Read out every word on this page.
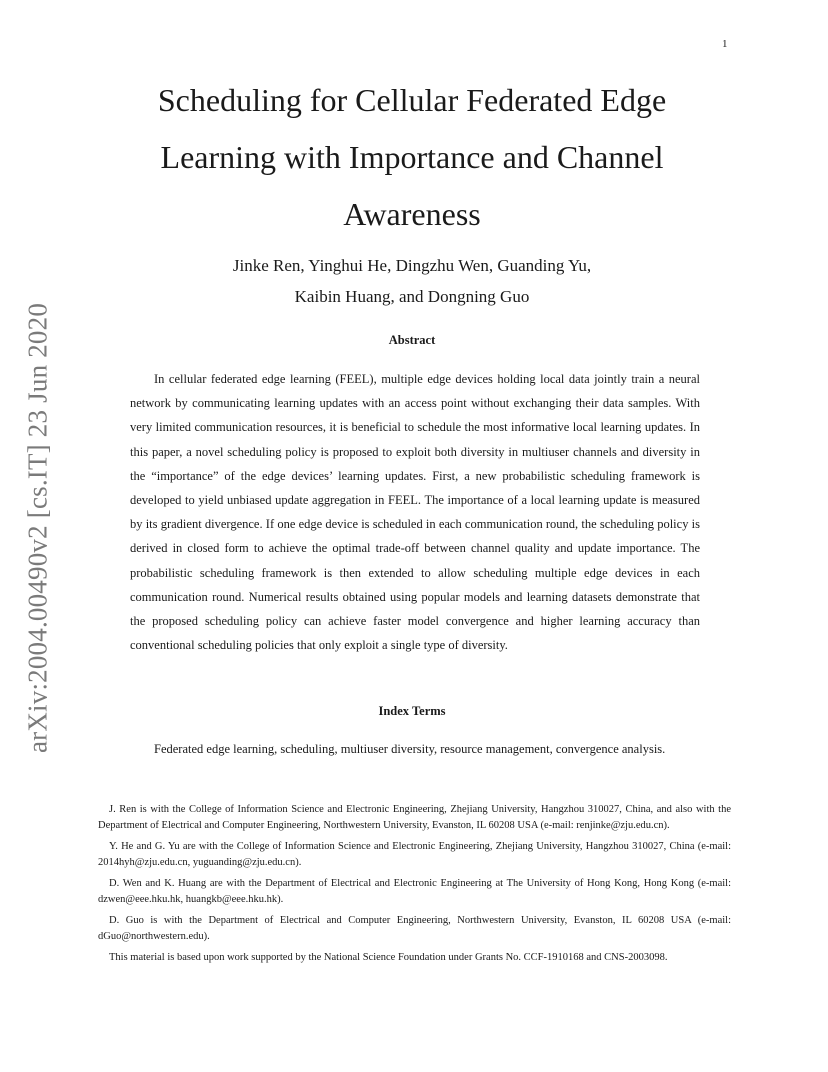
1
arXiv:2004.00490v2 [cs.IT] 23 Jun 2020
Scheduling for Cellular Federated Edge Learning with Importance and Channel Awareness
Jinke Ren, Yinghui He, Dingzhu Wen, Guanding Yu,
Kaibin Huang, and Dongning Guo
Abstract

In cellular federated edge learning (FEEL), multiple edge devices holding local data jointly train a neural network by communicating learning updates with an access point without exchanging their data samples. With very limited communication resources, it is beneficial to schedule the most informative local learning updates. In this paper, a novel scheduling policy is proposed to exploit both diversity in multiuser channels and diversity in the “importance” of the edge devices’ learning updates. First, a new probabilistic scheduling framework is developed to yield unbiased update aggregation in FEEL. The importance of a local learning update is measured by its gradient divergence. If one edge device is scheduled in each communication round, the scheduling policy is derived in closed form to achieve the optimal trade-off between channel quality and update importance. The probabilistic scheduling framework is then extended to allow scheduling multiple edge devices in each communication round. Numerical results obtained using popular models and learning datasets demonstrate that the proposed scheduling policy can achieve faster model convergence and higher learning accuracy than conventional scheduling policies that only exploit a single type of diversity.

Index Terms

Federated edge learning, scheduling, multiuser diversity, resource management, convergence analysis.

J. Ren is with the College of Information Science and Electronic Engineering, Zhejiang University, Hangzhou 310027, China, and also with the Department of Electrical and Computer Engineering, Northwestern University, Evanston, IL 60208 USA (e-mail: renjinke@zju.edu.cn).

Y. He and G. Yu are with the College of Information Science and Electronic Engineering, Zhejiang University, Hangzhou 310027, China (e-mail: 2014hyh@zju.edu.cn, yuguanding@zju.edu.cn).

D. Wen and K. Huang are with the Department of Electrical and Electronic Engineering at The University of Hong Kong, Hong Kong (e-mail: dzwen@eee.hku.hk, huangkb@eee.hku.hk).

D. Guo is with the Department of Electrical and Computer Engineering, Northwestern University, Evanston, IL 60208 USA (e-mail: dGuo@northwestern.edu).

This material is based upon work supported by the National Science Foundation under Grants No. CCF-1910168 and CNS-2003098.
